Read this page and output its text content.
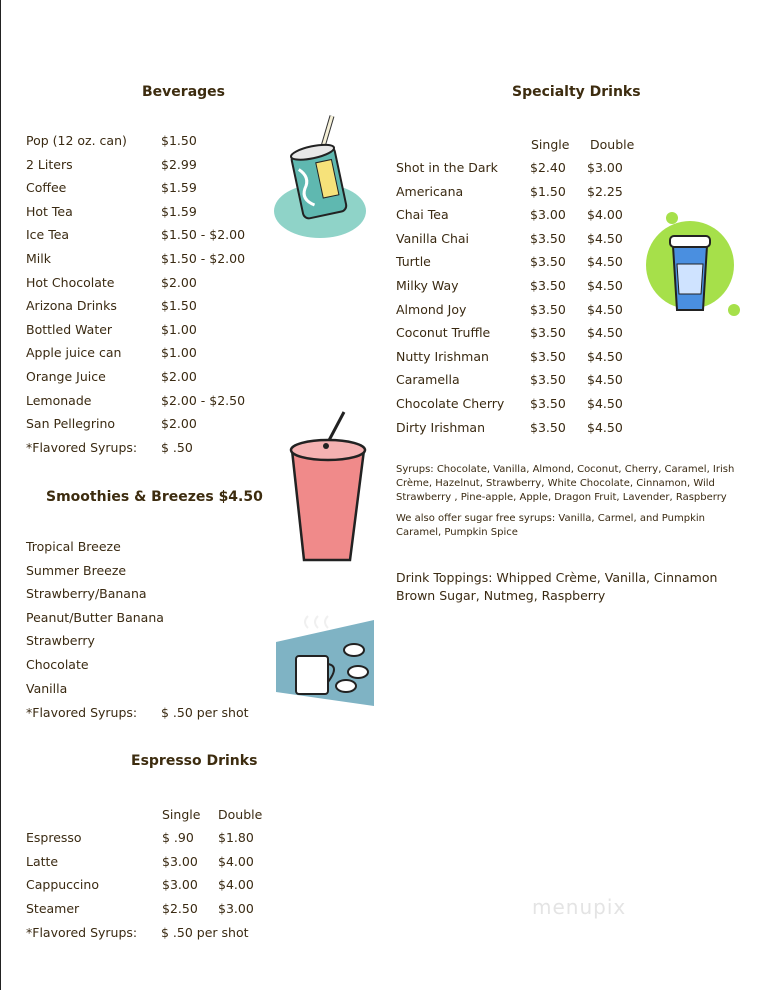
Beverages
Pop (12 oz. can)	$1.50
2 Liters	$2.99
Coffee	$1.59
Hot Tea	$1.59
Ice Tea	$1.50 - $2.00
Milk	$1.50 - $2.00
Hot Chocolate	$2.00
Arizona Drinks	$1.50
Bottled Water	$1.00
Apple juice can	$1.00
Orange Juice	$2.00
Lemonade	$2.00 - $2.50
San Pellegrino	$2.00
*Flavored Syrups: $ .50
Smoothies & Breezes $4.50
Tropical Breeze
Summer Breeze
Strawberry/Banana
Peanut/Butter Banana
Strawberry
Chocolate
Vanilla
*Flavored Syrups: $ .50 per shot
Espresso Drinks
Single Double
Espresso	$ .90 $1.80
Latte	$3.00 $4.00
Cappuccino	$3.00 $4.00
Steamer	$2.50 $3.00
*Flavored Syrups: $ .50 per shot
Specialty Drinks
Single Double
Shot in the Dark	$2.40 $3.00
Americana	$1.50 $2.25
Chai Tea	$3.00 $4.00
Vanilla Chai	$3.50 $4.50
Turtle	$3.50 $4.50
Milky Way	$3.50 $4.50
Almond Joy	$3.50 $4.50
Coconut Truffle	$3.50 $4.50
Nutty Irishman	$3.50 $4.50
Caramella	$3.50 $4.50
Chocolate Cherry $3.50 $4.50
Dirty Irishman	$3.50 $4.50
Syrups: Chocolate, Vanilla, Almond, Coconut, Cherry, Caramel, Irish Crème, Hazelnut, Strawberry, White Chocolate, Cinnamon, Wild Strawberry , Pine-apple, Apple, Dragon Fruit, Lavender, Raspberry
We also offer sugar free syrups: Vanilla, Carmel, and Pumpkin Caramel, Pumpkin Spice
Drink Toppings: Whipped Crème, Vanilla, Cinnamon Brown Sugar, Nutmeg, Raspberry
menupix
